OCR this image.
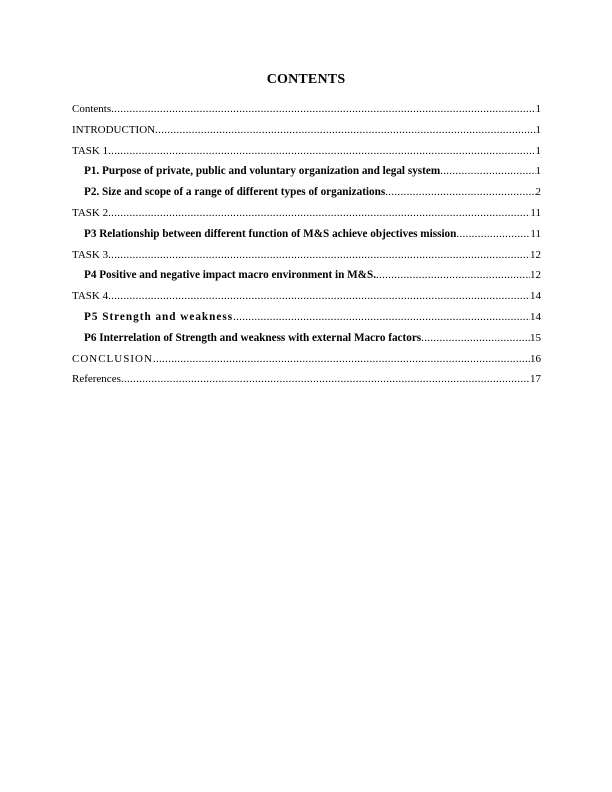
CONTENTS
Contents .....	1
INTRODUCTION .....	1
TASK 1 .....	1
P1. Purpose of private, public and voluntary organization and legal system .....	1
P2. Size and scope of a range of different types of organizations .....	2
TASK 2 .....	11
P3 Relationship between different function of M&S achieve objectives mission .....	11
TASK 3 .....	12
P4 Positive and negative impact macro environment in M&S. .....	12
TASK 4 .....	14
P5 Strength and weakness .....	14
P6 Interrelation of Strength and weakness with external Macro factors .....	15
CONCLUSION .....	16
References .....	17
